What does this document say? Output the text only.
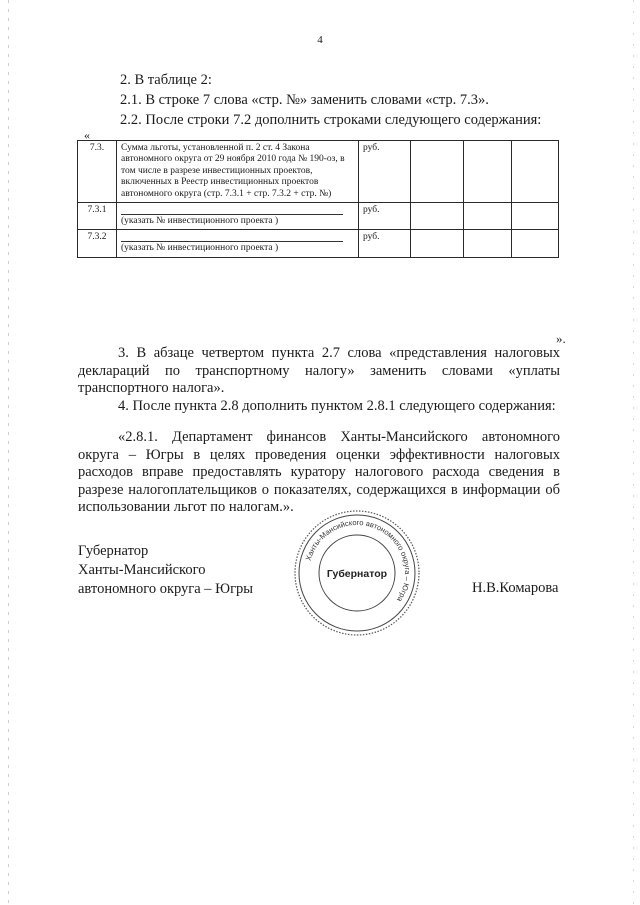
4
2. В таблице 2:
2.1. В строке 7 слова «стр. №» заменить словами «стр. 7.3».
2.2. После строки 7.2 дополнить строками следующего содержания:
«
7.3.	Сумма льготы, установленной п. 2 ст. 4 Закона автономного округа от 29 ноября 2010 года № 190-оз, в том числе в разрезе инвестиционных проектов, включенных в Реестр инвестиционных проектов автономного округа (стр. 7.3.1 + стр. 7.3.2 + стр. №)	руб.			
7.3.1	(указать № инвестиционного проекта )	руб.			
7.3.2	(указать № инвестиционного проекта )	руб.			
».
3. В абзаце четвертом пункта 2.7 слова «представления налоговых деклараций по транспортному налогу» заменить словами «уплаты транспортного налога».
4. После пункта 2.8 дополнить пунктом 2.8.1 следующего содержания:
«2.8.1. Департамент финансов Ханты-Мансийского автономного округа – Югры в целях проведения оценки эффективности налоговых расходов вправе предоставлять куратору налогового расхода сведения в разрезе налогоплательщиков о показателях, содержащихся в информации об использовании льгот по налогам.».
Губернатор
Ханты-Мансийского
автономного округа – Югры
Ханты-Мансийского автономного округа – Югра
Губернатор
Н.В.Комарова
